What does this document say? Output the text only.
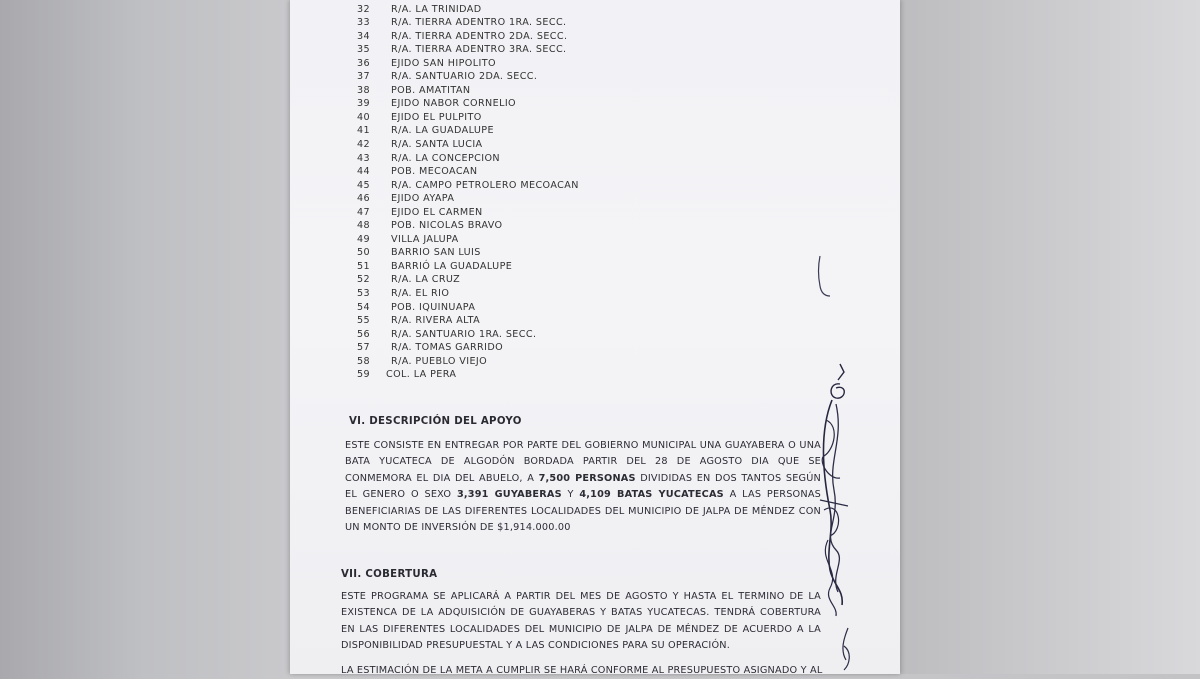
32 R/A. LA TRINIDAD
33 R/A. TIERRA ADENTRO 1RA. SECC.
34 R/A. TIERRA ADENTRO 2DA. SECC.
35 R/A. TIERRA ADENTRO 3RA. SECC.
36 EJIDO SAN HIPOLITO
37 R/A. SANTUARIO 2DA. SECC.
38 POB. AMATITAN
39 EJIDO NABOR CORNELIO
40 EJIDO EL PULPITO
41 R/A. LA GUADALUPE
42 R/A. SANTA LUCIA
43 R/A. LA CONCEPCION
44 POB. MECOACAN
45 R/A. CAMPO PETROLERO MECOACAN
46 EJIDO AYAPA
47 EJIDO EL CARMEN
48 POB. NICOLAS BRAVO
49 VILLA JALUPA
50 BARRIO SAN LUIS
51 BARRIÓ LA GUADALUPE
52 R/A. LA CRUZ
53 R/A. EL RIO
54 POB. IQUINUAPA
55 R/A. RIVERA ALTA
56 R/A. SANTUARIO 1RA. SECC.
57 R/A. TOMAS GARRIDO
58 R/A. PUEBLO VIEJO
59 COL. LA PERA
VI. DESCRIPCIÓN DEL APOYO
ESTE CONSISTE EN ENTREGAR POR PARTE DEL GOBIERNO MUNICIPAL UNA GUAYABERA O UNA BATA YUCATECA DE ALGODÓN BORDADA PARTIR DEL 28 DE AGOSTO DIA QUE SE CONMEMORA EL DIA DEL ABUELO, A 7,500 PERSONAS DIVIDIDAS EN DOS TANTOS SEGÚN EL GENERO O SEXO 3,391 GUYABERAS Y 4,109 BATAS YUCATECAS A LAS PERSONAS BENEFICIARIAS DE LAS DIFERENTES LOCALIDADES DEL MUNICIPIO DE JALPA DE MÉNDEZ CON UN MONTO DE INVERSIÓN DE $1,914.000.00
VII. COBERTURA
ESTE PROGRAMA SE APLICARÁ A PARTIR DEL MES DE AGOSTO Y HASTA EL TERMINO DE LA EXISTENCA DE LA ADQUISICIÓN DE GUAYABERAS Y BATAS YUCATECAS. TENDRÁ COBERTURA EN LAS DIFERENTES LOCALIDADES DEL MUNICIPIO DE JALPA DE MÉNDEZ DE ACUERDO A LA DISPONIBILIDAD PRESUPUESTAL Y A LAS CONDICIONES PARA SU OPERACIÓN.
LA ESTIMACIÓN DE LA META A CUMPLIR SE HARÁ CONFORME AL PRESUPUESTO ASIGNADO Y AL
